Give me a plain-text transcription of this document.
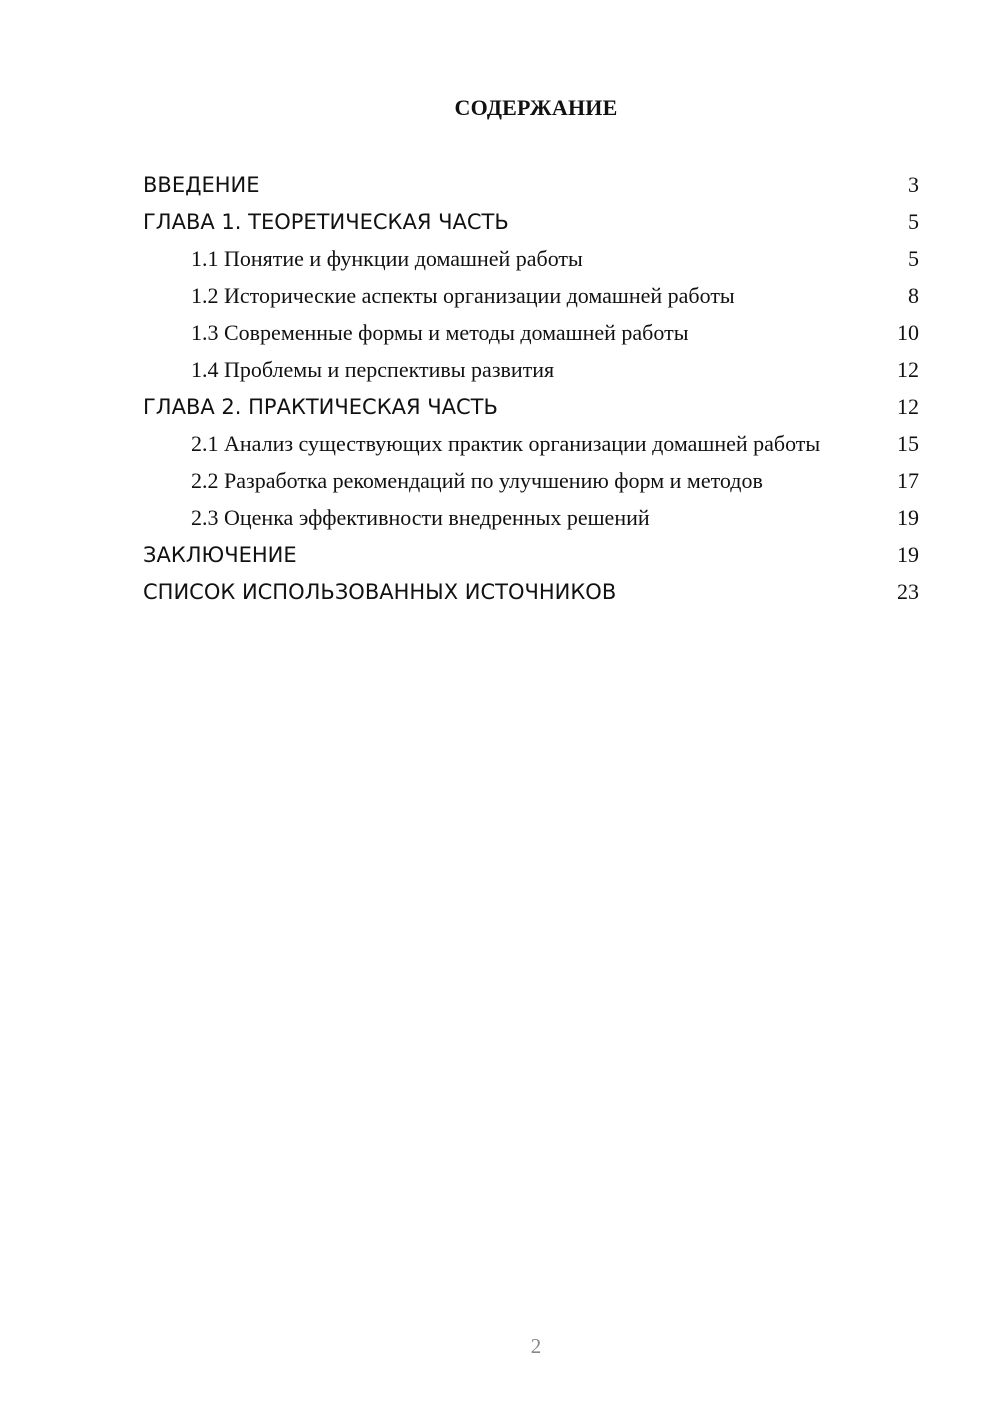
СОДЕРЖАНИЕ
ВВЕДЕНИЕ	3
ГЛАВА 1. ТЕОРЕТИЧЕСКАЯ ЧАСТЬ	5
1.1 Понятие и функции домашней работы	5
1.2 Исторические аспекты организации домашней работы	8
1.3 Современные формы и методы домашней работы	10
1.4 Проблемы и перспективы развития	12
ГЛАВА 2. ПРАКТИЧЕСКАЯ ЧАСТЬ	12
2.1 Анализ существующих практик организации домашней работы	15
2.2 Разработка рекомендаций по улучшению форм и методов	17
2.3 Оценка эффективности внедренных решений	19
ЗАКЛЮЧЕНИЕ	19
СПИСОК ИСПОЛЬЗОВАННЫХ ИСТОЧНИКОВ	23
2
